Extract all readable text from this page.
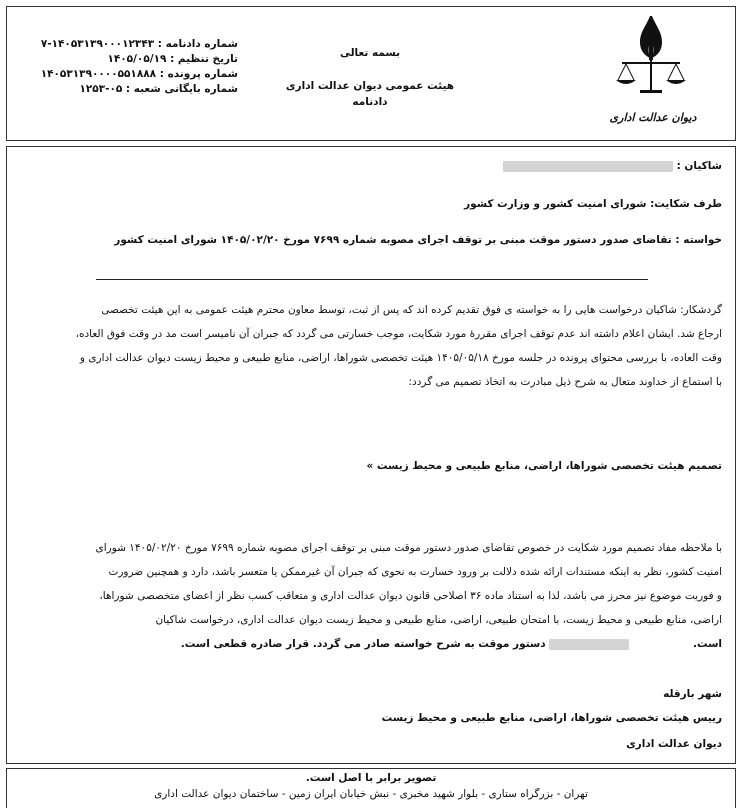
شماره دادنامه : ۱۴۰۵۳۱۳۹۰۰۰۱۲۳۴۳-۷
تاریخ تنظیم : ۱۴۰۵/۰۵/۱۹
شماره پرونده : ۱۴۰۵۳۱۳۹۰۰۰۰۵۵۱۸۸۸
شماره بایگانی شعبه : ۰۵-۱۲۵۳
بسمه تعالی
هیئت عمومی دیوان عدالت اداری
دادنامه
دیوان عدالت اداری
شاکیان :
طرف شکایت: شورای امنیت کشور و وزارت کشور
خواسته : تقاضای صدور دستور موقت مبنی بر توقف اجرای مصوبه شماره ۷۶۹۹ مورخ ۱۴۰۵/۰۲/۲۰ شورای امنیت کشور
گردشکار: شاکیان درخواست هایی را به خواسته ی فوق تقدیم کرده اند که پس از ثبت، توسط معاون محترم هیئت عمومی به این هیئت تخصصی
ارجاع شد. ایشان اعلام داشته اند عدم توقف اجرای مقررۀ مورد شکایت، موجب خسارتی می گردد که جبران آن نامیسر است مد در وقت فوق العاده،
وقت العاده، با بررسی محتوای پرونده در جلسه مورخ ۱۴۰۵/۰۵/۱۸ هیئت تخصصی شوراها، اراضی، منابع طبیعی و محیط زیست دیوان عدالت اداری و
با استماع از خداوند متعال به شرح ذیل مبادرت به اتخاذ تصمیم می گردد:
تصمیم هیئت تخصصی شوراها، اراضی، منابع طبیعی و محیط زیست »
با ملاحظه مفاد تصمیم مورد شکایت در خصوص تقاضای صدور دستور موقت مبنی بر توقف اجرای مصوبه شماره ۷۶۹۹ مورخ ۱۴۰۵/۰۲/۲۰ شورای
امنیت کشور، نظر به اینکه مستندات ارائه شده دلالت بر ورود خسارت به نحوی که جبران آن غیرممکن یا متعسر باشد، دارد و همچنین ضرورت
و فوریت موضوع نیز محرز می باشد، لذا به استناد ماده ۳۶ اصلاحی قانون دیوان عدالت اداری و متعاقب کسب نظر از اعضای متخصصی شوراها،
اراضی، منابع طبیعی و محیط زیست، با امتحان طبیعی، اراضی، منابع طبیعی و محیط زیست دیوان عدالت اداری، درخواست شاکیان
است.  دستور موقت به شرح خواسته صادر می گردد. قرار صادره قطعی است.
شهر بارقله
رییس هیئت تخصصی شوراها، اراضی، منابع طبیعی و محیط زیست
دیوان عدالت اداری
تصویر برابر با اصل است.
تهران - بزرگراه ستاری - بلوار شهید مخبری - نبش خیابان ایران زمین - ساختمان دیوان عدالت اداری
